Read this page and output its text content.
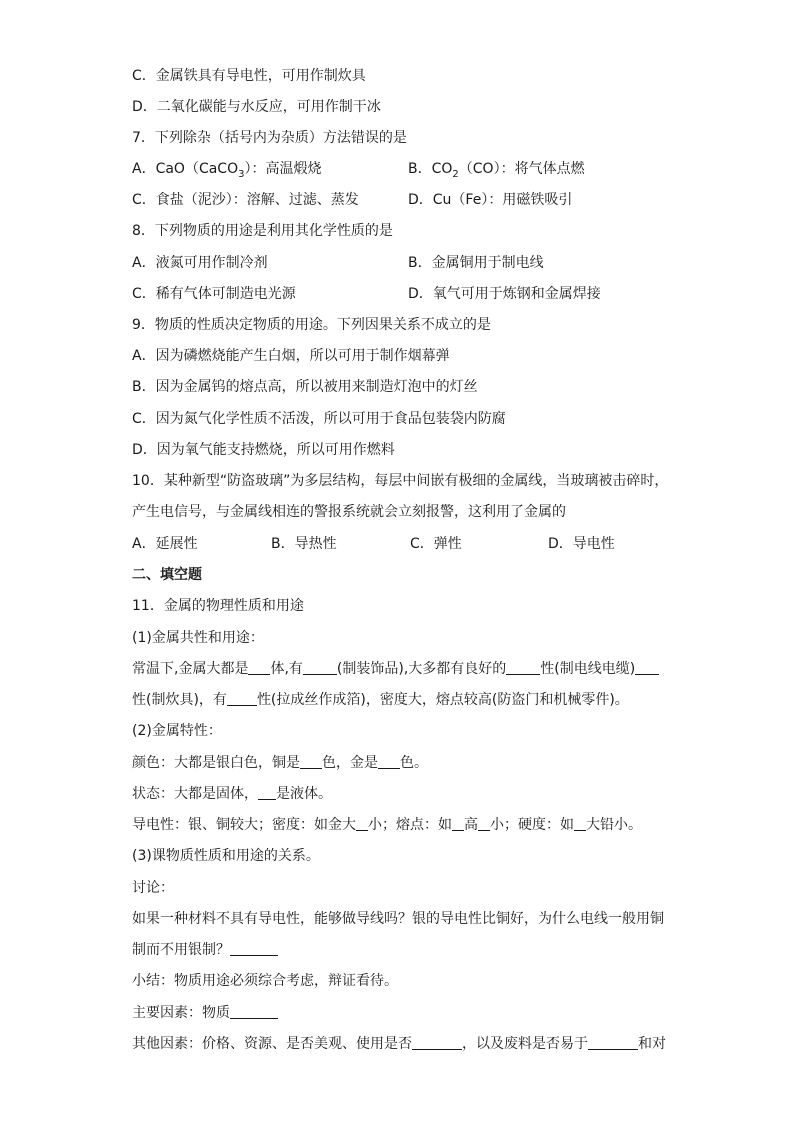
C．金属铁具有导电性，可用作制炊具
D．二氧化碳能与水反应，可用作制干冰
7．下列除杂（括号内为杂质）方法错误的是
A．CaO（CaCO$_3$）：高温煅烧	B．$CO_2(CO)$：将气体点燃
C．食盐（泥沙）：溶解、过滤、蒸发	D．Cu（Fe）：用磁铁吸引
8．下列物质的用途是利用其化学性质的是
A．液氮可用作制冷剂	B．金属铜用于制电线
C．稀有气体可制造电光源	D．氧气可用于炼钢和金属焊接
9．物质的性质决定物质的用途。下列因果关系不成立的是
A．因为磷燃烧能产生白烟，所以可用于制作烟幕弹
B．因为金属钨的熔点高，所以被用来制造灯泡中的灯丝
C．因为氮气化学性质不活泼，所以可用于食品包装袋内防腐
D．因为氧气能支持燃烧，所以可用作燃料
10．某种新型“防盗玻璃”为多层结构，每层中间嵌有极细的金属线，当玻璃被击碎时，
产生电信号，与金属线相连的警报系统就会立刻报警，这利用了金属的
A．延展性	B．导热性	C．弹性	D．导电性
二、填空题
11．金属的物理性质和用途
(1)金属共性和用途：
常温下,金属大都是 体,有 (制装饰品),大多都有良好的 性(制电线电缆)
性(制炊具)，有 性(拉成丝作成箔)，密度大，熔点较高(防盗门和机械零件)。
(2)金属特性：
颜色：大都是银白色，铜是 色，金是 色。
状态：大都是固体， 是液体。
导电性：银、铜较大；密度：如金大 小；熔点：如 高 小；硬度：如 大铅小。
(3)课物质性质和用途的关系。
讨论：
如果一种材料不具有导电性，能够做导线吗？银的导电性比铜好，为什么电线一般用铜
制而不用银制？
小结：物质用途必须综合考虑，辩证看待。
主要因素：物质
其他因素：价格、资源、是否美观、使用是否	，以及废料是否易于	和对
